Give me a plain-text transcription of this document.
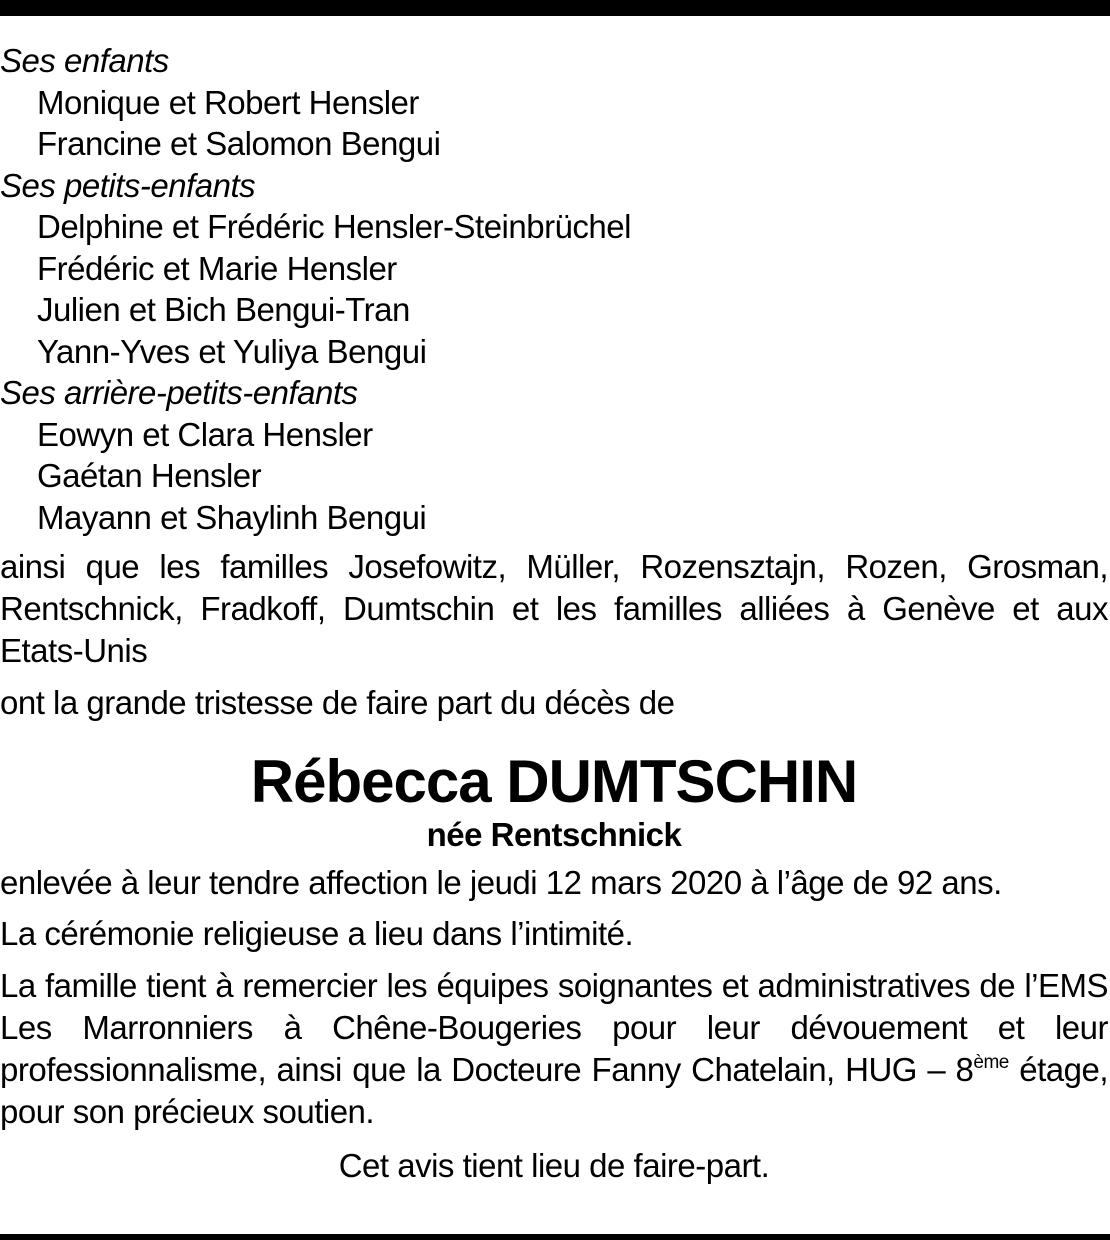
Ses enfants
Monique et Robert Hensler
Francine et Salomon Bengui
Ses petits-enfants
Delphine et Frédéric Hensler-Steinbrüchel
Frédéric et Marie Hensler
Julien et Bich Bengui-Tran
Yann-Yves et Yuliya Bengui
Ses arrière-petits-enfants
Eowyn et Clara Hensler
Gaétan Hensler
Mayann et Shaylinh Bengui

ainsi que les familles Josefowitz, Müller, Rozensztajn, Rozen, Grosman, Rentschnick, Fradkoff, Dumtschin et les familles alliées à Genève et aux Etats-Unis

ont la grande tristesse de faire part du décès de

Rébecca DUMTSCHIN
née Rentschnick

enlevée à leur tendre affection le jeudi 12 mars 2020 à l’âge de 92 ans.

La cérémonie religieuse a lieu dans l’intimité.

La famille tient à remercier les équipes soignantes et administratives de l’EMS Les Marronniers à Chêne-Bougeries pour leur dévouement et leur professionnalisme, ainsi que la Docteure Fanny Chatelain, HUG – 8ème étage, pour son précieux soutien.

Cet avis tient lieu de faire-part.
